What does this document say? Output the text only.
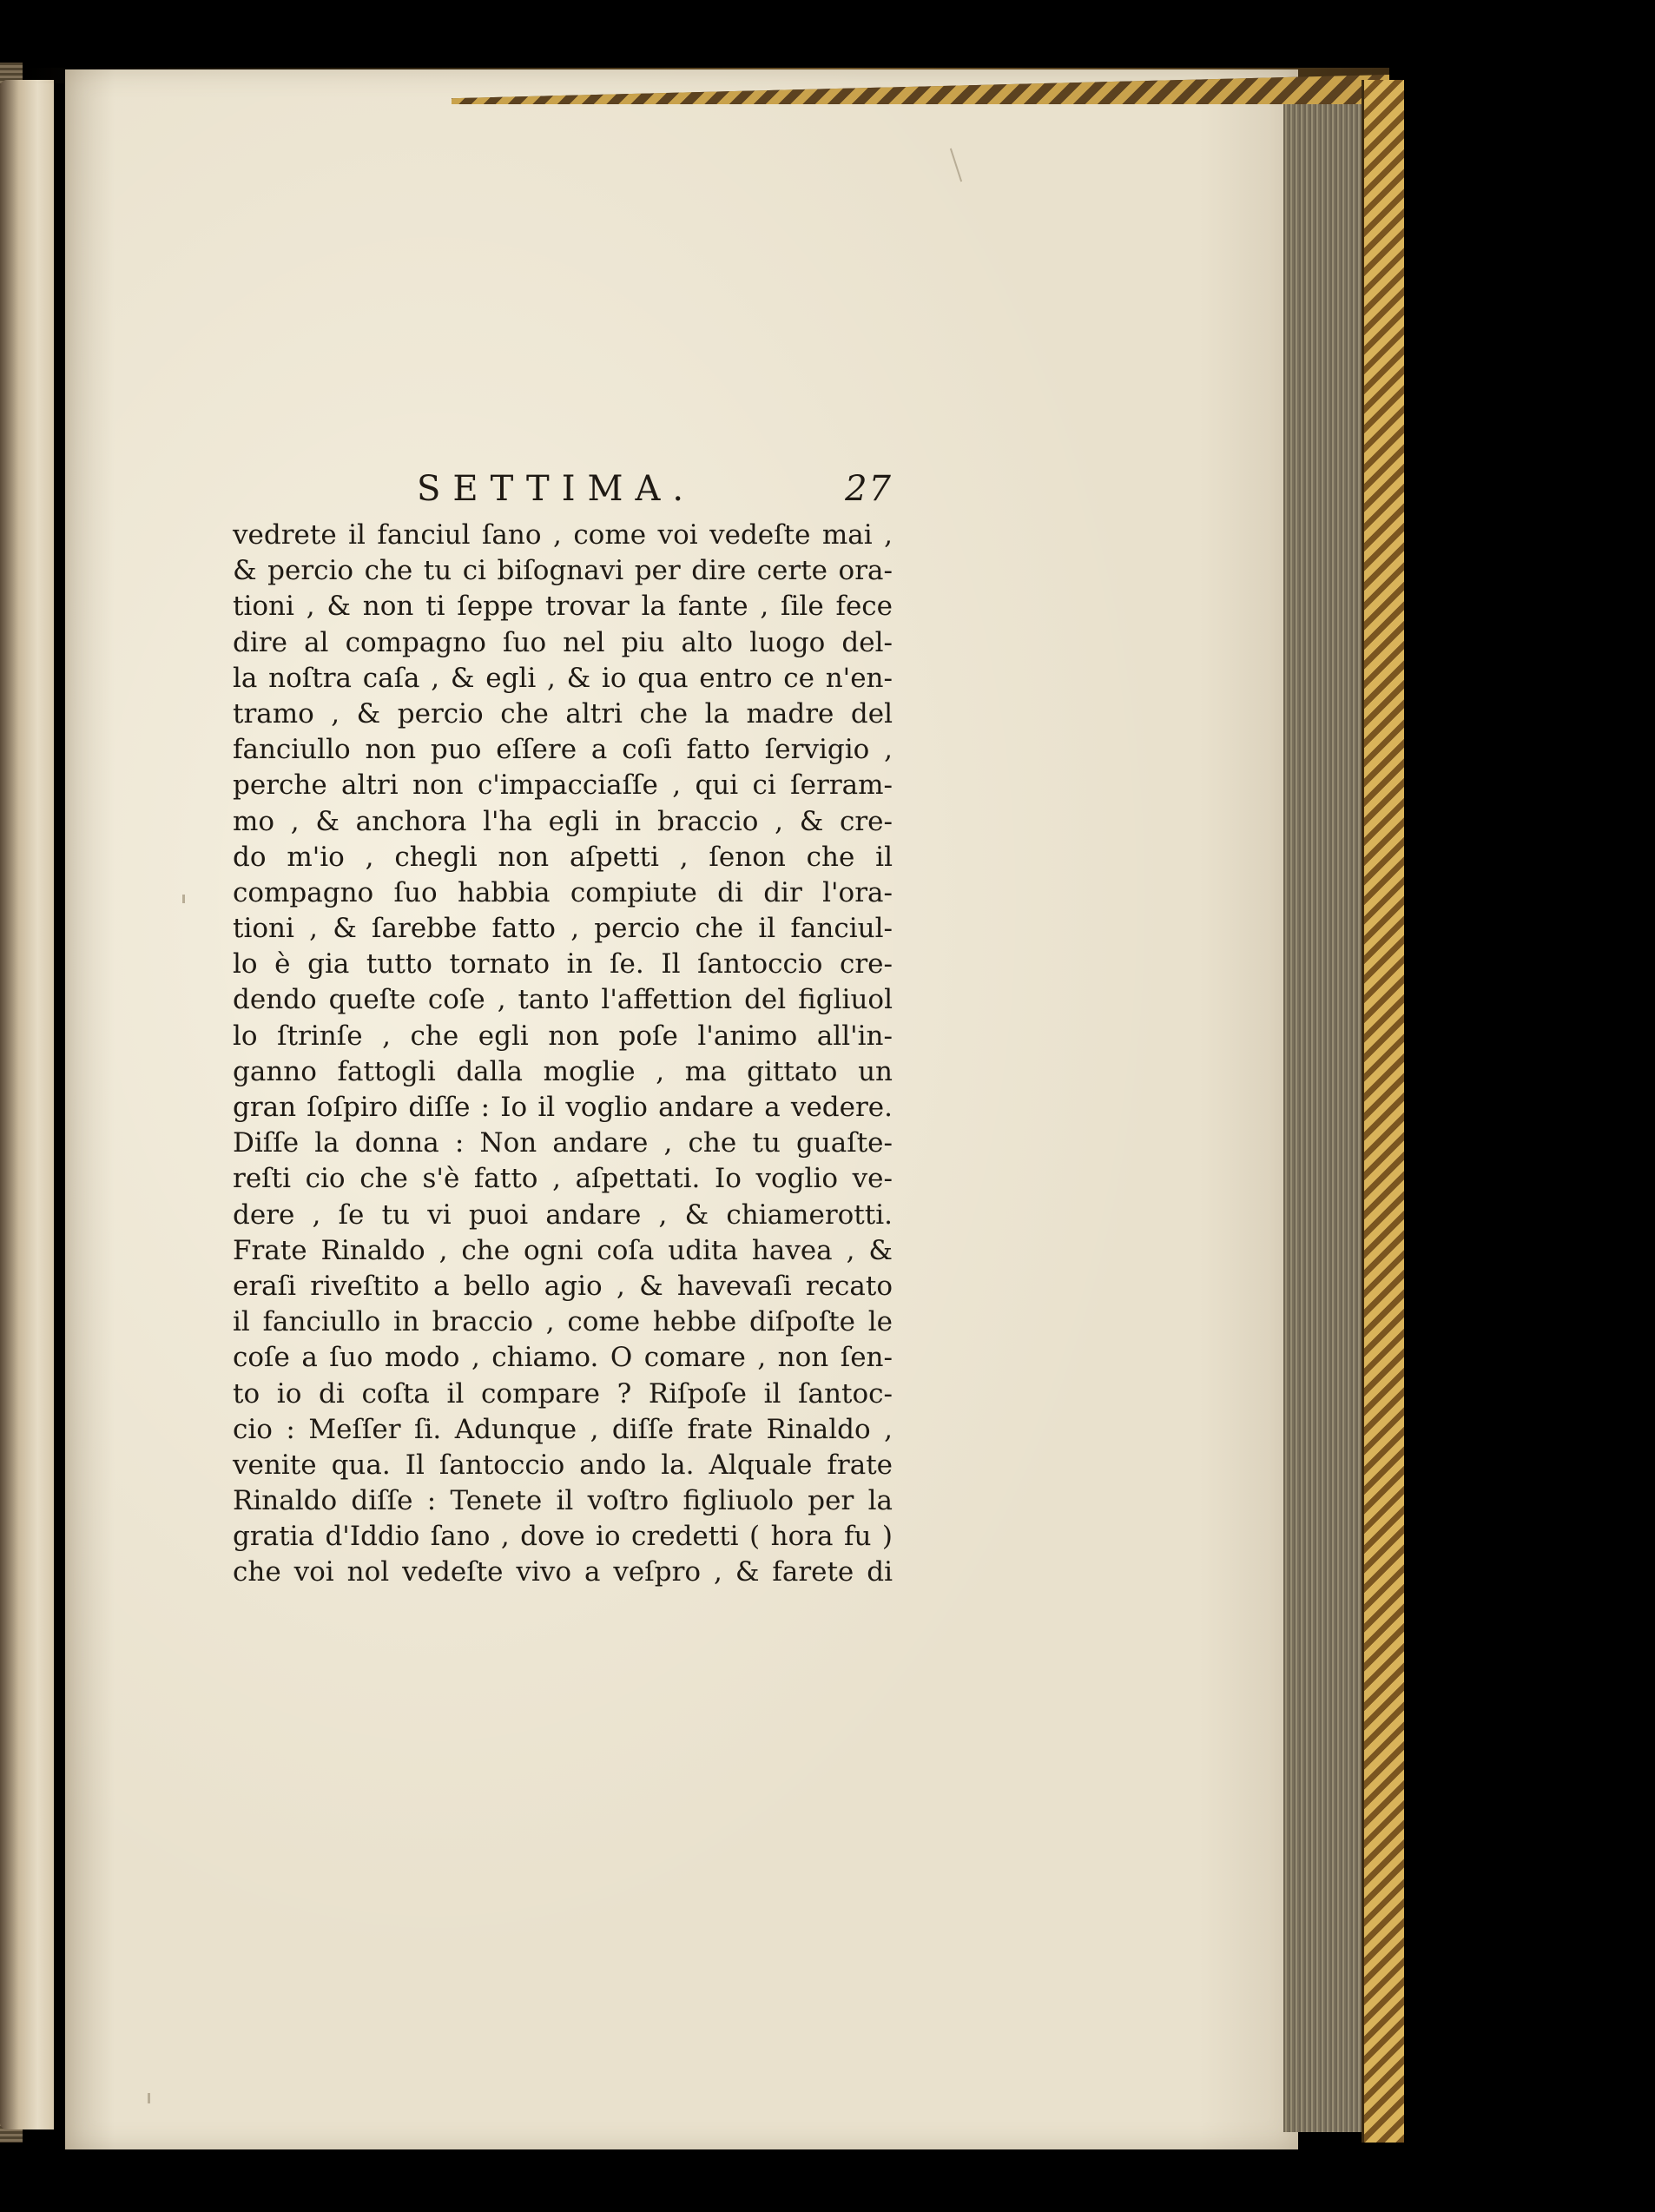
SETTIMA.	27
vedrete il fanciul ſano , come voi vedeſte mai ,
& percio che tu ci biſognavi per dire certe ora-
tioni , & non ti ſeppe trovar la fante , ſile fece
dire al compagno ſuo nel piu alto luogo del-
la noſtra caſa , & egli , & io qua entro ce n'en-
tramo , & percio che altri che la madre del
fanciullo non puo eſſere a coſi fatto ſervigio ,
perche altri non c'impacciaſſe , qui ci ſerram-
mo , & anchora l'ha egli in braccio , & cre-
do m'io , chegli non aſpetti , ſenon che il
compagno ſuo habbia compiute di dir l'ora-
tioni , & ſarebbe fatto , percio che il fanciul-
lo è gia tutto tornato in ſe. Il ſantoccio cre-
dendo queſte coſe , tanto l'affettion del figliuol
lo ſtrinſe , che egli non poſe l'animo all'in-
ganno fattogli dalla moglie , ma gittato un
gran ſoſpiro diſſe : Io il voglio andare a vedere.
Diſſe la donna : Non andare , che tu guaſte-
reſti cio che s'è fatto , aſpettati. Io voglio ve-
dere , ſe tu vi puoi andare , & chiamerotti.
Frate Rinaldo , che ogni coſa udita havea , &
eraſi riveſtito a bello agio , & havevaſi recato
il fanciullo in braccio , come hebbe diſpoſte le
coſe a ſuo modo , chiamo. O comare , non ſen-
to io di coſta il compare ? Riſpoſe il ſantoc-
cio : Meſſer ſi. Adunque , diſſe frate Rinaldo ,
venite qua. Il ſantoccio ando la. Alquale frate
Rinaldo diſſe : Tenete il voſtro figliuolo per la
gratia d'Iddio ſano , dove io credetti ( hora fu )
che voi nol vedeſte vivo a veſpro , & farete di
